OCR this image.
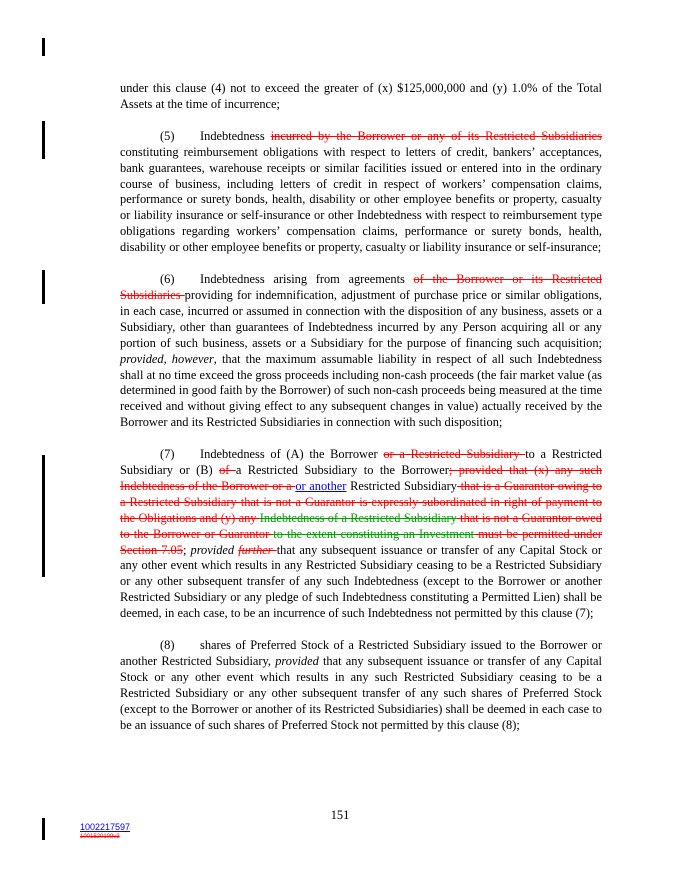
under this clause (4) not to exceed the greater of (x) $125,000,000 and (y) 1.0% of the Total Assets at the time of incurrence;

(5) Indebtedness incurred by the Borrower or any of its Restricted Subsidiaries constituting reimbursement obligations with respect to letters of credit, bankers’ acceptances, bank guarantees, warehouse receipts or similar facilities issued or entered into in the ordinary course of business, including letters of credit in respect of workers’ compensation claims, performance or surety bonds, health, disability or other employee benefits or property, casualty or liability insurance or self-insurance or other Indebtedness with respect to reimbursement type obligations regarding workers’ compensation claims, performance or surety bonds, health, disability or other employee benefits or property, casualty or liability insurance or self-insurance;

(6) Indebtedness arising from agreements of the Borrower or its Restricted Subsidiaries providing for indemnification, adjustment of purchase price or similar obligations, in each case, incurred or assumed in connection with the disposition of any business, assets or a Subsidiary, other than guarantees of Indebtedness incurred by any Person acquiring all or any portion of such business, assets or a Subsidiary for the purpose of financing such acquisition; provided, however, that the maximum assumable liability in respect of all such Indebtedness shall at no time exceed the gross proceeds including non-cash proceeds (the fair market value (as determined in good faith by the Borrower) of such non-cash proceeds being measured at the time received and without giving effect to any subsequent changes in value) actually received by the Borrower and its Restricted Subsidiaries in connection with such disposition;

(7) Indebtedness of (A) the Borrower or a Restricted Subsidiary to a Restricted Subsidiary or (B) of a Restricted Subsidiary to the Borrower; provided that (x) any such Indebtedness of the Borrower or a or another Restricted Subsidiary that is a Guarantor owing to a Restricted Subsidiary that is not a Guarantor is expressly subordinated in right of payment to the Obligations and (y) any Indebtedness of a Restricted Subsidiary that is not a Guarantor owed to the Borrower or Guarantor to the extent constituting an Investment must be permitted under Section 7.05; provided further that any subsequent issuance or transfer of any Capital Stock or any other event which results in any Restricted Subsidiary ceasing to be a Restricted Subsidiary or any other subsequent transfer of any such Indebtedness (except to the Borrower or another Restricted Subsidiary or any pledge of such Indebtedness constituting a Permitted Lien) shall be deemed, in each case, to be an incurrence of such Indebtedness not permitted by this clause (7);

(8) shares of Preferred Stock of a Restricted Subsidiary issued to the Borrower or another Restricted Subsidiary, provided that any subsequent issuance or transfer of any Capital Stock or any other event which results in any such Restricted Subsidiary ceasing to be a Restricted Subsidiary or any other subsequent transfer of any such shares of Preferred Stock (except to the Borrower or another of its Restricted Subsidiaries) shall be deemed in each case to be an issuance of such shares of Preferred Stock not permitted by this clause (8);

151
1002217597
1001520109v3
